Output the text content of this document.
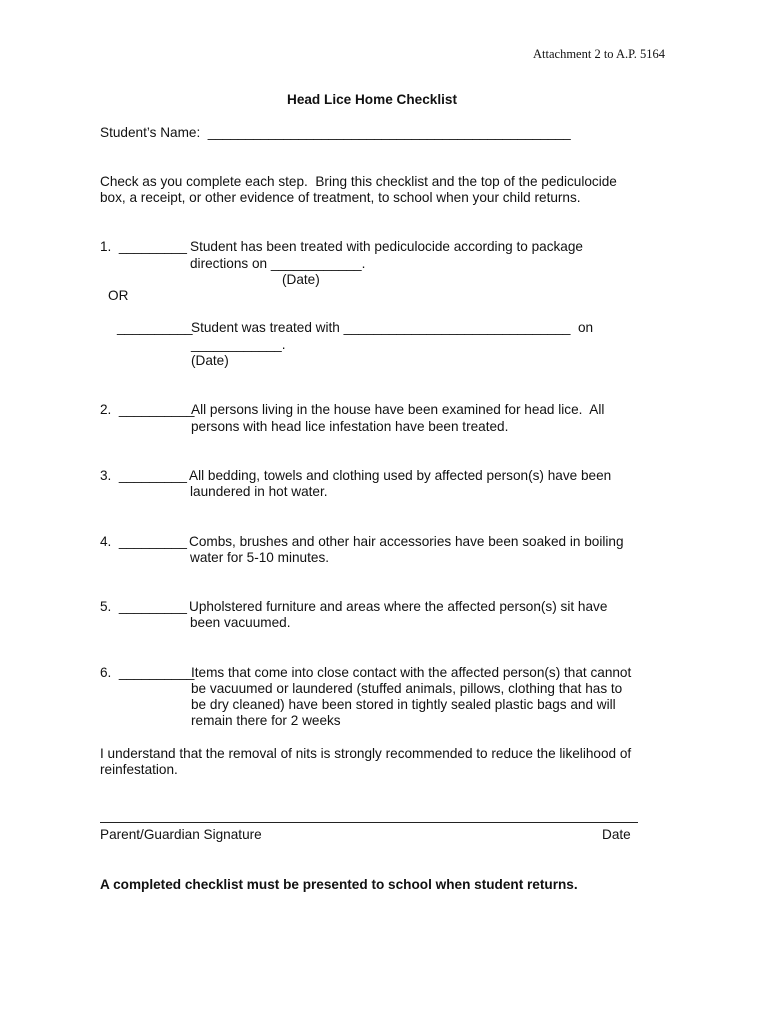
Attachment 2 to A.P. 5164
Head Lice Home Checklist
Student’s Name:  ________________________________________________
Check as you complete each step.  Bring this checklist and the top of the pediculocide
box, a receipt, or other evidence of treatment, to school when your child returns.
1.  _________ Student has been treated with pediculocide according to package
directions on ____________.
(Date)
OR
__________
Student was treated with ______________________________  on
____________.
(Date)
2.  __________
All persons living in the house have been examined for head lice.  All
persons with head lice infestation have been treated.
3.  _________ All bedding, towels and clothing used by affected person(s) have been
laundered in hot water.
4.  _________ Combs, brushes and other hair accessories have been soaked in boiling
water for 5-10 minutes.
5.  _________ Upholstered furniture and areas where the affected person(s) sit have
been vacuumed.
6.  __________
Items that come into close contact with the affected person(s) that cannot
be vacuumed or laundered (stuffed animals, pillows, clothing that has to
be dry cleaned) have been stored in tightly sealed plastic bags and will
remain there for 2 weeks
I understand that the removal of nits is strongly recommended to reduce the likelihood of
reinfestation.
Parent/Guardian Signature	Date
A completed checklist must be presented to school when student returns.
